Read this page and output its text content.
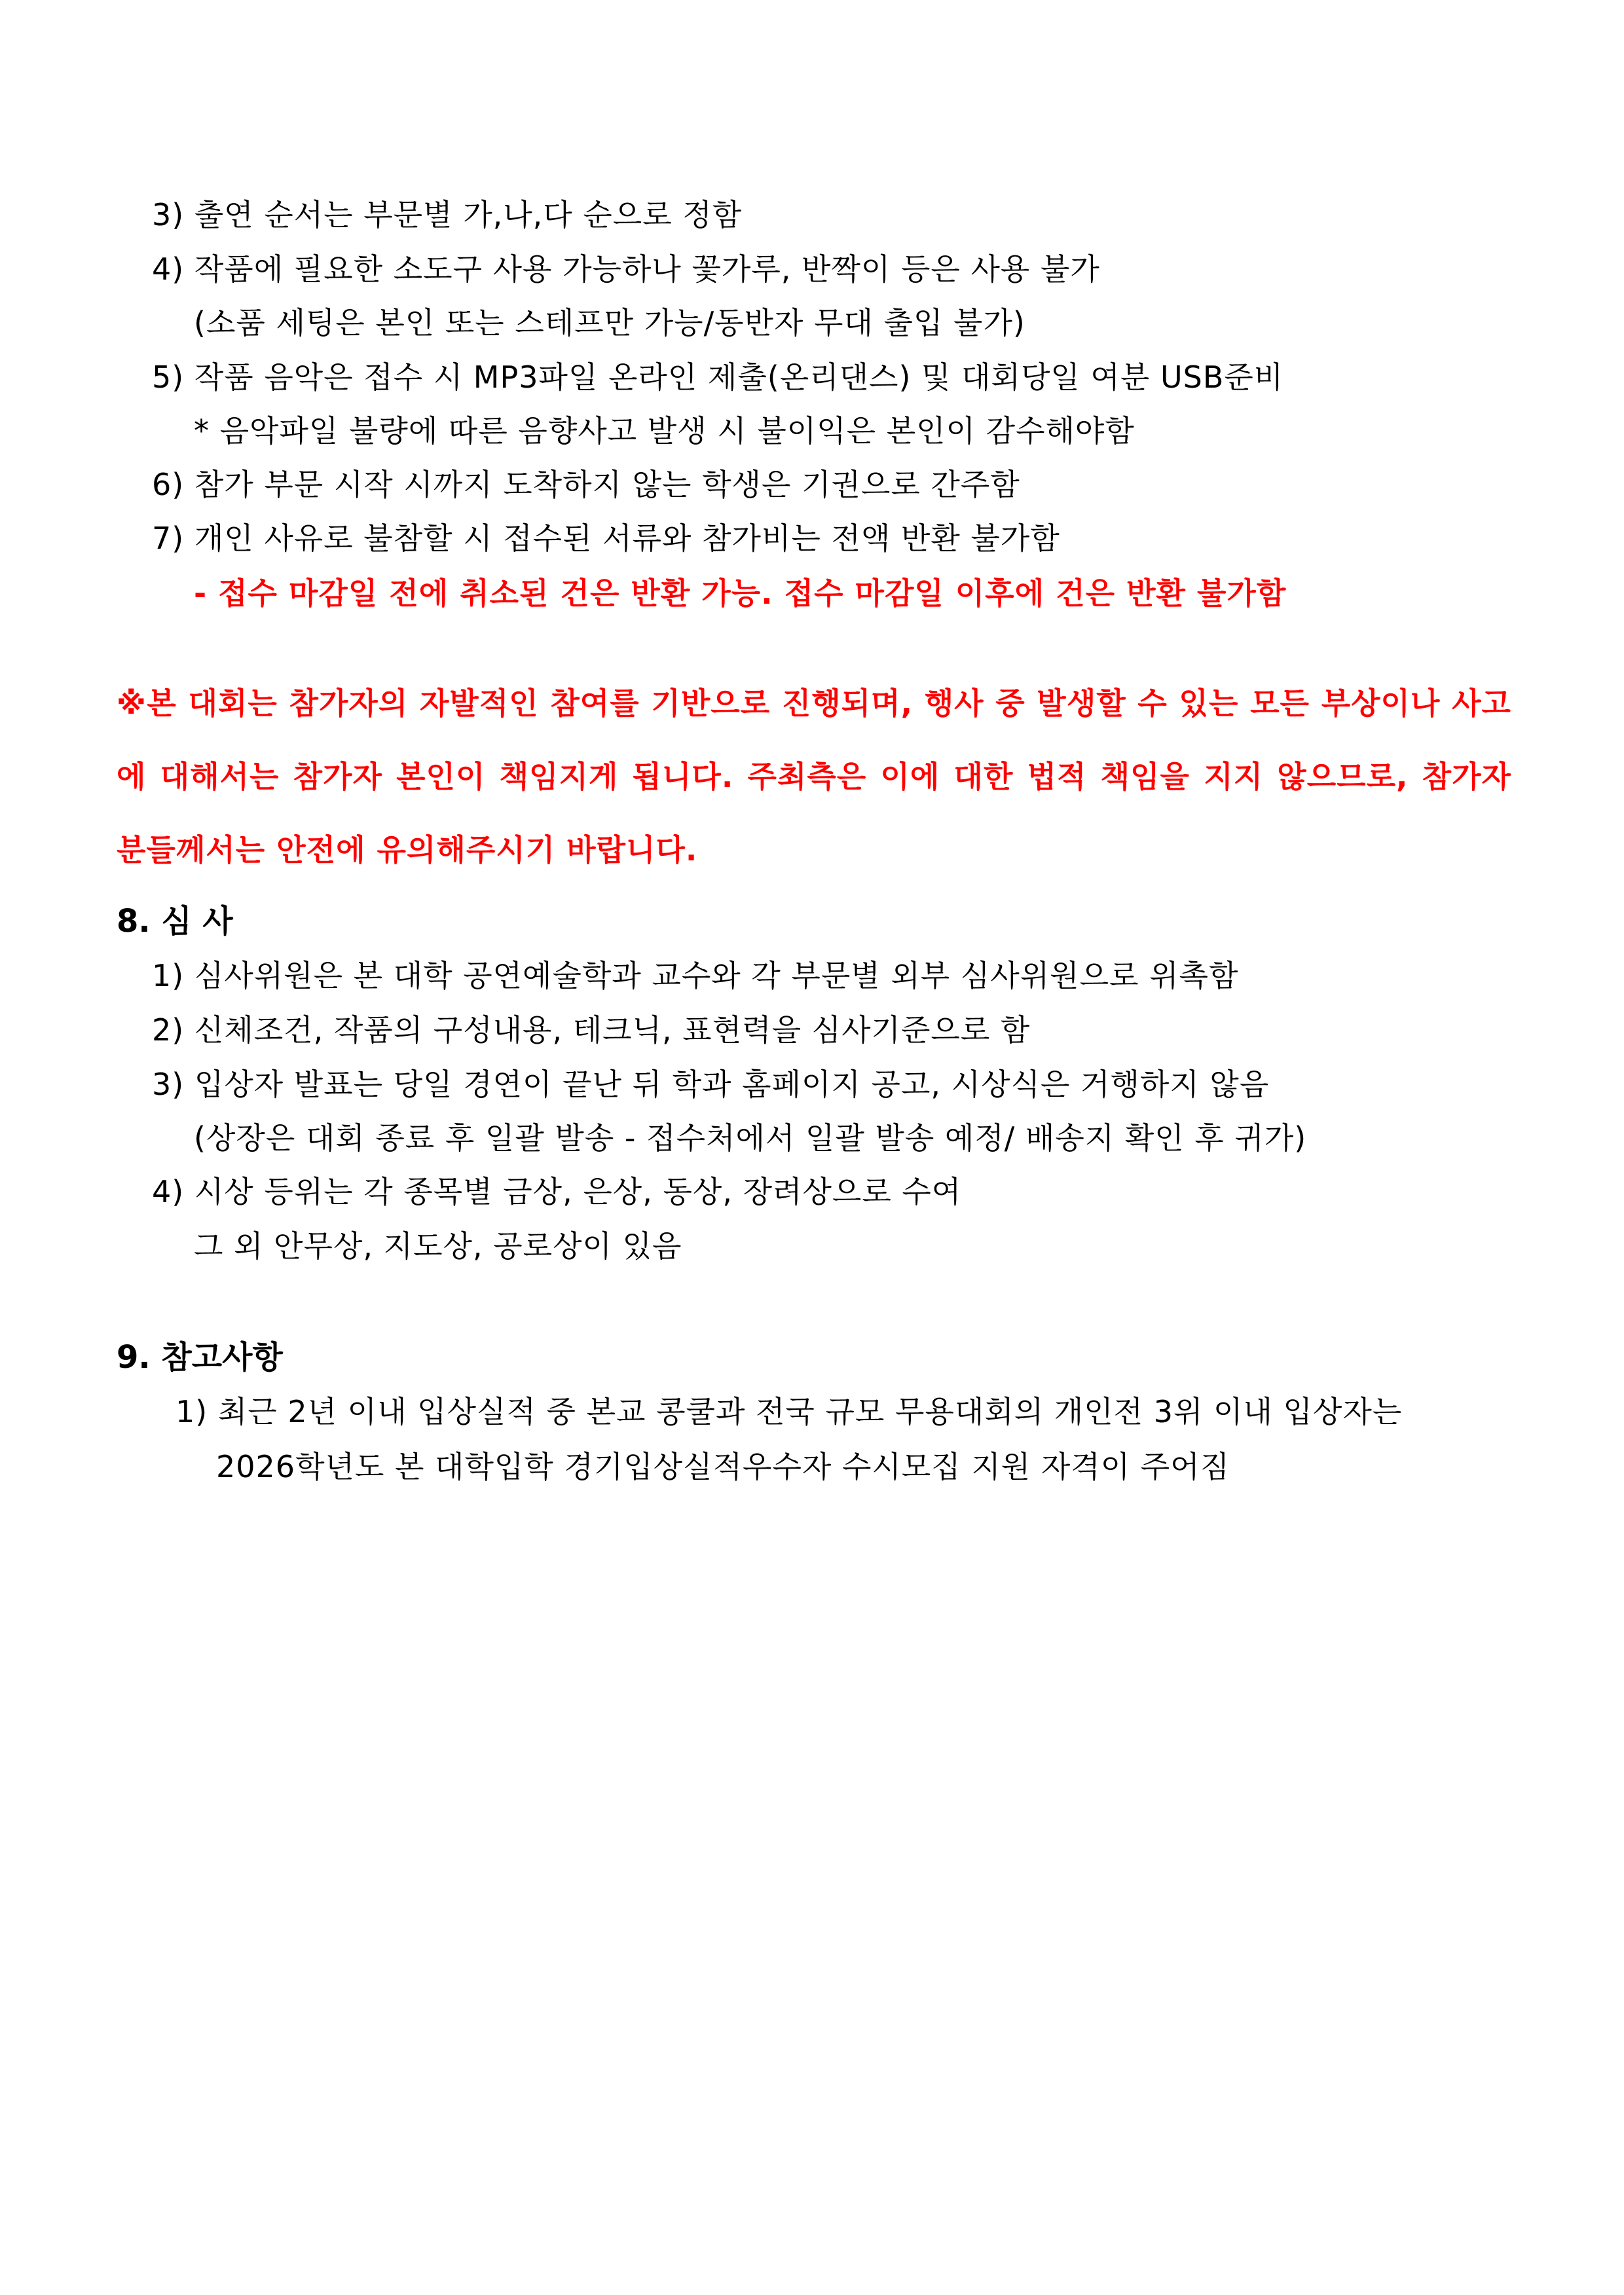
3) 출연 순서는 부문별 가,나,다 순으로 정함
4) 작품에 필요한 소도구 사용 가능하나 꽃가루, 반짝이 등은 사용 불가
(소품 세팅은 본인 또는 스테프만 가능/동반자 무대 출입 불가)
5) 작품 음악은 접수 시 MP3파일 온라인 제출(온리댄스) 및 대회당일 여분 USB준비
* 음악파일 불량에 따른 음향사고 발생 시 불이익은 본인이 감수해야함
6) 참가 부문 시작 시까지 도착하지 않는 학생은 기권으로 간주함
7) 개인 사유로 불참할 시 접수된 서류와 참가비는 전액 반환 불가함
- 접수 마감일 전에 취소된 건은 반환 가능. 접수 마감일 이후에 건은 반환 불가함
※본 대회는 참가자의 자발적인 참여를 기반으로 진행되며, 행사 중 발생할 수 있는 모든 부상이나 사고에 대해서는 참가자 본인이 책임지게 됩니다. 주최측은 이에 대한 법적 책임을 지지 않으므로, 참가자 분들께서는 안전에 유의해주시기 바랍니다.
8. 심 사
1) 심사위원은 본 대학 공연예술학과 교수와 각 부문별 외부 심사위원으로 위촉함
2) 신체조건, 작품의 구성내용, 테크닉, 표현력을 심사기준으로 함
3) 입상자 발표는 당일 경연이 끝난 뒤 학과 홈페이지 공고, 시상식은 거행하지 않음
(상장은 대회 종료 후 일괄 발송 - 접수처에서 일괄 발송 예정/ 배송지 확인 후 귀가)
4) 시상 등위는 각 종목별 금상, 은상, 동상, 장려상으로 수여
그 외 안무상, 지도상, 공로상이 있음
9. 참고사항
1) 최근 2년 이내 입상실적 중 본교 콩쿨과 전국 규모 무용대회의 개인전 3위 이내 입상자는
2026학년도 본 대학입학 경기입상실적우수자 수시모집 지원 자격이 주어짐
